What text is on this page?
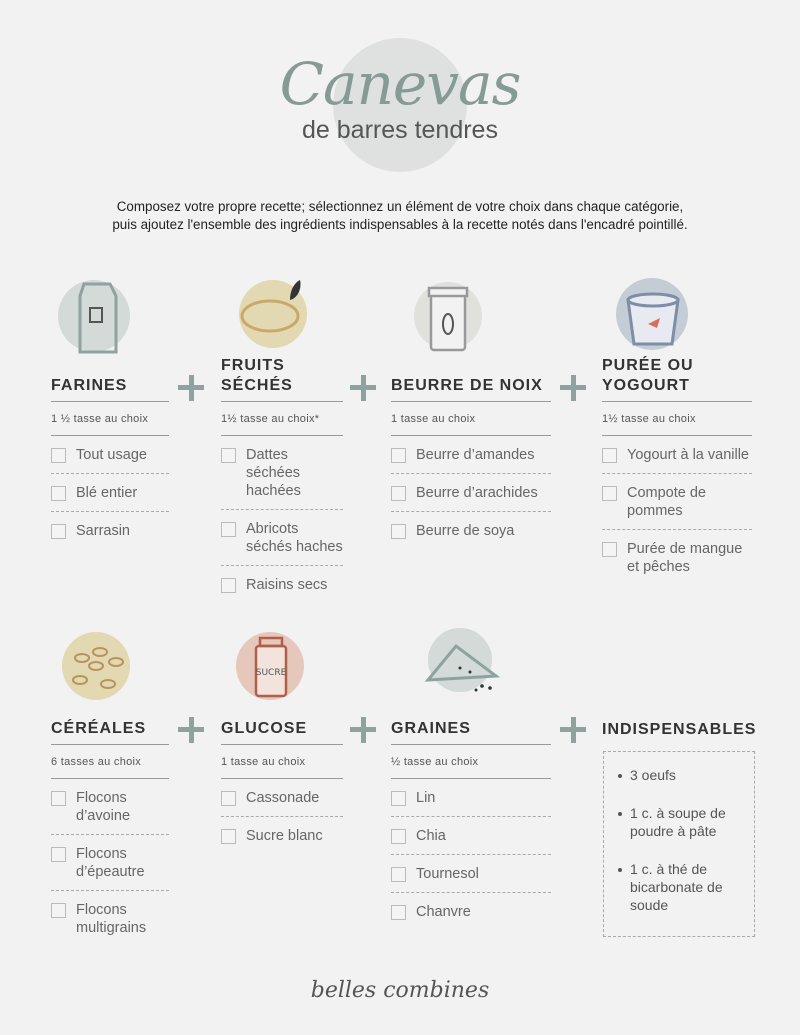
Canevas
de barres tendres
Composez votre propre recette; sélectionnez un élément de votre choix dans chaque catégorie,
puis ajoutez l'ensemble des ingrédients indispensables à la recette notés dans l'encadré pointillé.
SUCRE
FARINES
1 ½ tasse au choix
Tout usage
Blé entier
Sarrasin
FRUITS SÉCHÉS
1½ tasse au choix*
Dattes séchées hachées
Abricots séchés haches
Raisins secs
BEURRE DE NOIX
1 tasse au choix
Beurre d’amandes
Beurre d’arachides
Beurre de soya
PURÉE OU YOGOURT
1½ tasse au choix
Yogourt à la vanille
Compote de pommes
Purée de mangue et pêches
CÉRÉALES
6 tasses au choix
Flocons d’avoine
Flocons d’épeautre
Flocons multigrains
GLUCOSE
1 tasse au choix
Cassonade
Sucre blanc
GRAINES
½ tasse au choix
Lin
Chia
Tournesol
Chanvre
INDISPENSABLES
3 oeufs
1 c. à soupe de poudre à pâte
1 c. à thé de bicarbonate de soude
belles combines
